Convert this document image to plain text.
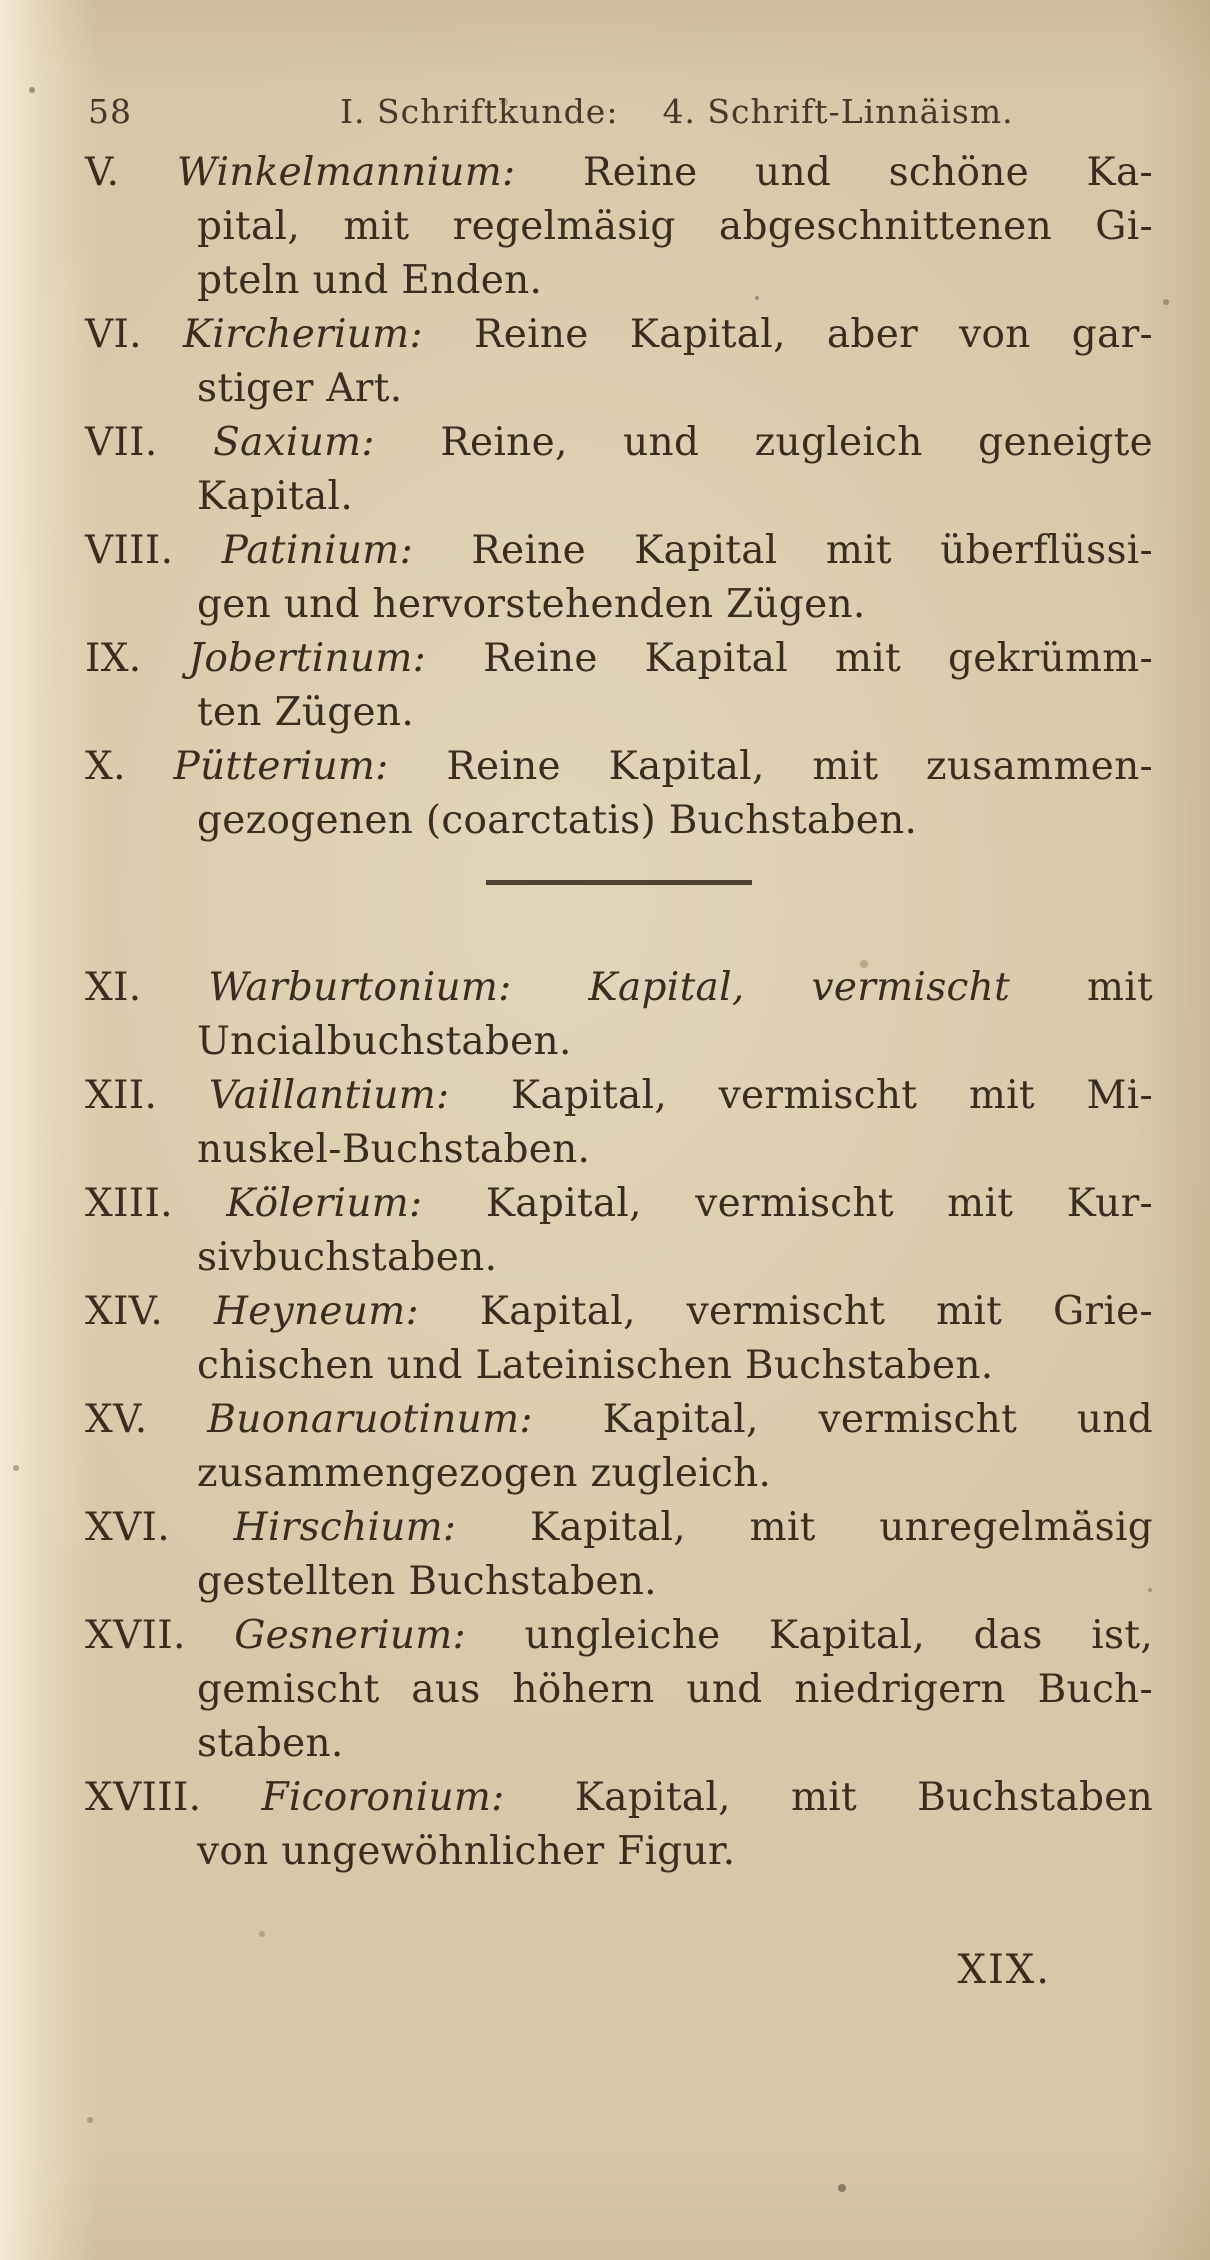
58	I. Schriftkunde: 4. Schrift-Linnäism.
V. Winkelmannium: Reine und schöne Ka-
pital, mit regelmäsig abgeschnittenen Gi-
pteln und Enden.
VI. Kircherium: Reine Kapital, aber von gar-
stiger Art.
VII. Saxium: Reine, und zugleich geneigte
Kapital.
VIII. Patinium: Reine Kapital mit überflüssi-
gen und hervorstehenden Zügen.
IX. Jobertinum: Reine Kapital mit gekrümm-
ten Zügen.
X. Pütterium: Reine Kapital, mit zusammen-
gezogenen (coarctatis) Buchstaben.
XI. Warburtonium: Kapital, vermischt mit
Uncialbuchstaben.
XII. Vaillantium: Kapital, vermischt mit Mi-
nuskel-Buchstaben.
XIII. Kölerium: Kapital, vermischt mit Kur-
sivbuchstaben.
XIV. Heyneum: Kapital, vermischt mit Grie-
chischen und Lateinischen Buchstaben.
XV. Buonaruotinum: Kapital, vermischt und
zusammengezogen zugleich.
XVI. Hirschium: Kapital, mit unregelmäsig
gestellten Buchstaben.
XVII. Gesnerium: ungleiche Kapital, das ist,
gemischt aus höhern und niedrigern Buch-
staben.
XVIII. Ficoronium: Kapital, mit Buchstaben
von ungewöhnlicher Figur.
XIX.
